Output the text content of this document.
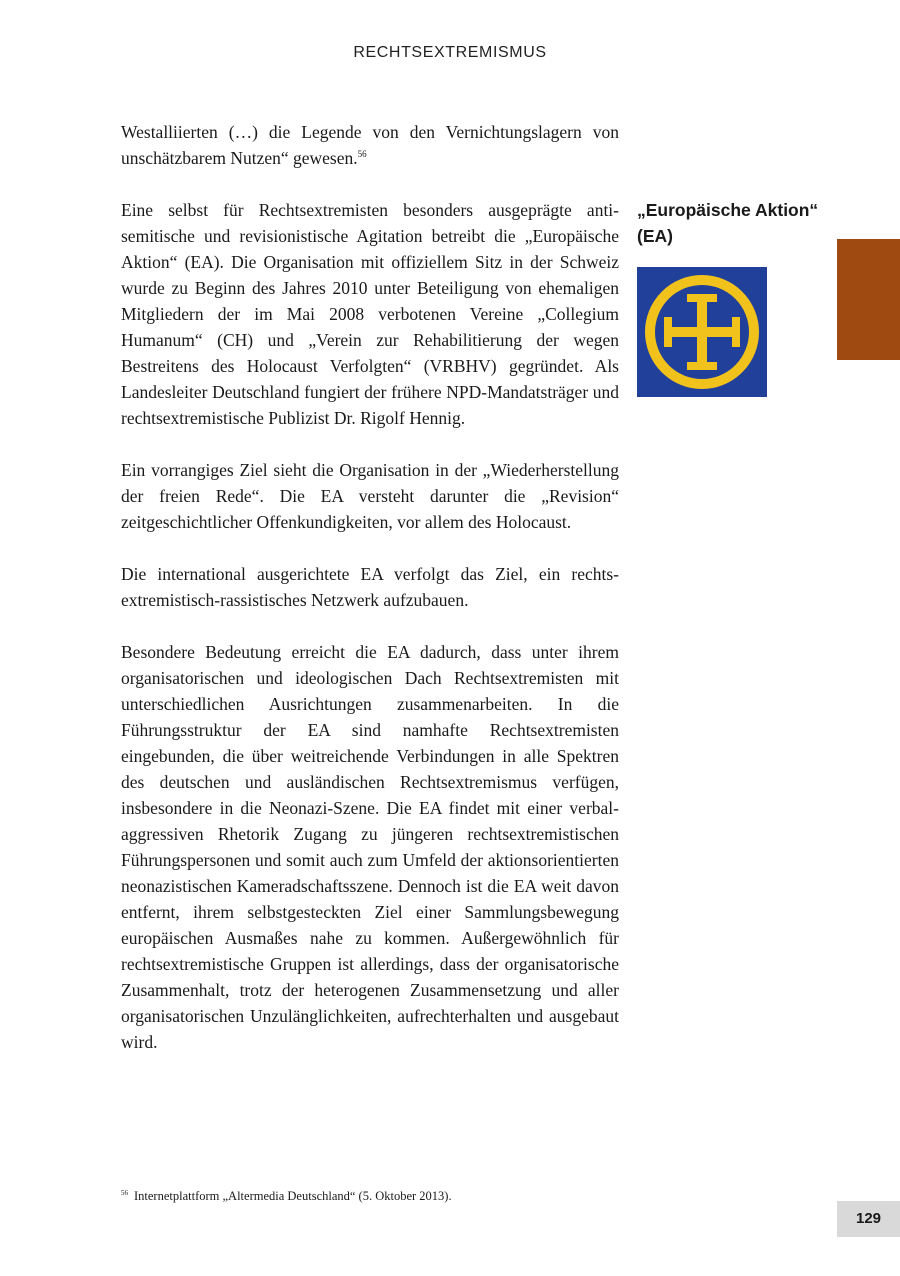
RECHTSEXTREMISMUS

Westalliierten (…) die Legende von den Vernichtungslagern von unschätzbarem Nutzen“ gewesen.$^{56}$

Eine selbst für Rechtsextremisten besonders ausgeprägte antisemitische und revisionistische Agitation betreibt die „Europäische Aktion“ (EA). Die Organisation mit offiziellem Sitz in der Schweiz wurde zu Beginn des Jahres 2010 unter Beteiligung von ehemaligen Mitgliedern der im Mai 2008 verbotenen Vereine „Collegium Humanum“ (CH) und „Verein zur Rehabilitierung der wegen Bestreitens des Holocaust Verfolgten“ (VRBHV) gegründet. Als Landesleiter Deutschland fungiert der frühere NPD-Mandatsträger und rechtsextremistische Publizist Dr. Rigolf Hennig.

Ein vorrangiges Ziel sieht die Organisation in der „Wiederherstellung der freien Rede“. Die EA versteht darunter die „Revision“ zeitgeschichtlicher Offenkundigkeiten, vor allem des Holocaust.

Die international ausgerichtete EA verfolgt das Ziel, ein rechtsextremistisch-rassistisches Netzwerk aufzubauen.

Besondere Bedeutung erreicht die EA dadurch, dass unter ihrem organisatorischen und ideologischen Dach Rechtsextremisten mit unterschiedlichen Ausrichtungen zusammenarbeiten. In die Führungsstruktur der EA sind namhafte Rechtsextremisten eingebunden, die über weitreichende Verbindungen in alle Spektren des deutschen und ausländischen Rechtsextremismus verfügen, insbesondere in die Neonazi-Szene. Die EA findet mit einer verbal-aggressiven Rhetorik Zugang zu jüngeren rechtsextremistischen Führungspersonen und somit auch zum Umfeld der aktionsorientierten neonazistischen Kameradschaftsszene. Dennoch ist die EA weit davon entfernt, ihrem selbstgesteckten Ziel einer Sammlungsbewegung europäischen Ausmaßes nahe zu kommen. Außergewöhnlich für rechtsextremistische Gruppen ist allerdings, dass der organisatorische Zusammenhalt, trotz der heterogenen Zusammensetzung und aller organisatorischen Unzulänglichkeiten, aufrechterhalten und ausgebaut wird.

„Europäische Aktion“ (EA)
$^{56}$ Internetplattform „Altermedia Deutschland“ (5. Oktober 2013).
129
